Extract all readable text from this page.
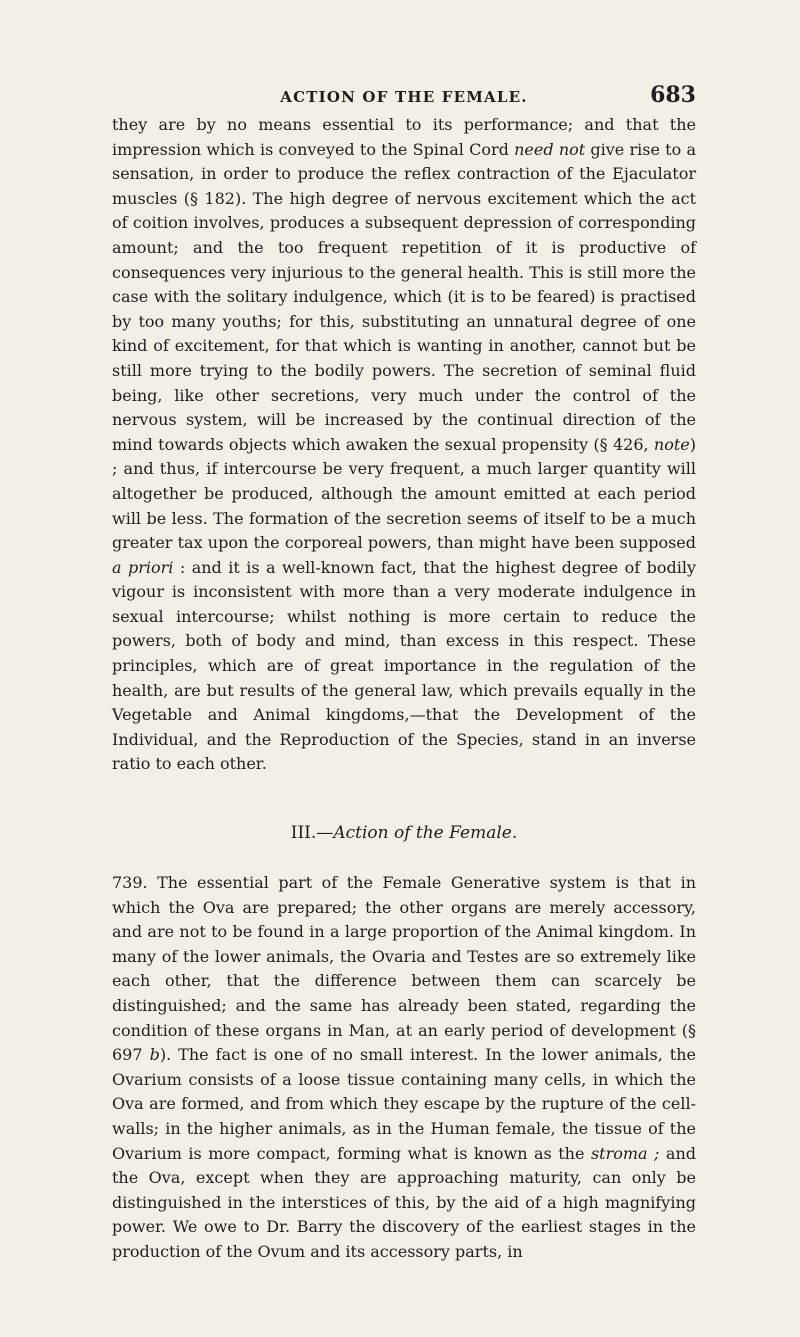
ACTION OF THE FEMALE.	683

they are by no means essential to its performance; and that the impression which is conveyed to the Spinal Cord need not give rise to a sensation, in order to produce the reflex contraction of the Ejaculator muscles (§ 182). The high degree of nervous excitement which the act of coition involves, produces a subsequent depression of corresponding amount; and the too frequent repetition of it is productive of consequences very injurious to the general health. This is still more the case with the solitary indulgence, which (it is to be feared) is practised by too many youths; for this, substituting an unnatural degree of one kind of excitement, for that which is wanting in another, cannot but be still more trying to the bodily powers. The secretion of seminal fluid being, like other secretions, very much under the control of the nervous system, will be increased by the continual direction of the mind towards objects which awaken the sexual propensity (§ 426, note) ; and thus, if intercourse be very frequent, a much larger quantity will altogether be produced, although the amount emitted at each period will be less. The formation of the secretion seems of itself to be a much greater tax upon the corporeal powers, than might have been supposed a priori : and it is a well-known fact, that the highest degree of bodily vigour is inconsistent with more than a very moderate indulgence in sexual intercourse; whilst nothing is more certain to reduce the powers, both of body and mind, than excess in this respect. These principles, which are of great importance in the regulation of the health, are but results of the general law, which prevails equally in the Vegetable and Animal kingdoms,—that the Development of the Individual, and the Reproduction of the Species, stand in an inverse ratio to each other.

III.—Action of the Female.

739. The essential part of the Female Generative system is that in which the Ova are prepared; the other organs are merely accessory, and are not to be found in a large proportion of the Animal kingdom. In many of the lower animals, the Ovaria and Testes are so extremely like each other, that the difference between them can scarcely be distinguished; and the same has already been stated, regarding the condition of these organs in Man, at an early period of development (§ 697 b). The fact is one of no small interest. In the lower animals, the Ovarium consists of a loose tissue containing many cells, in which the Ova are formed, and from which they escape by the rupture of the cell-walls; in the higher animals, as in the Human female, the tissue of the Ovarium is more compact, forming what is known as the stroma ; and the Ova, except when they are approaching maturity, can only be distinguished in the interstices of this, by the aid of a high magnifying power. We owe to Dr. Barry the discovery of the earliest stages in the production of the Ovum and its accessory parts, in
